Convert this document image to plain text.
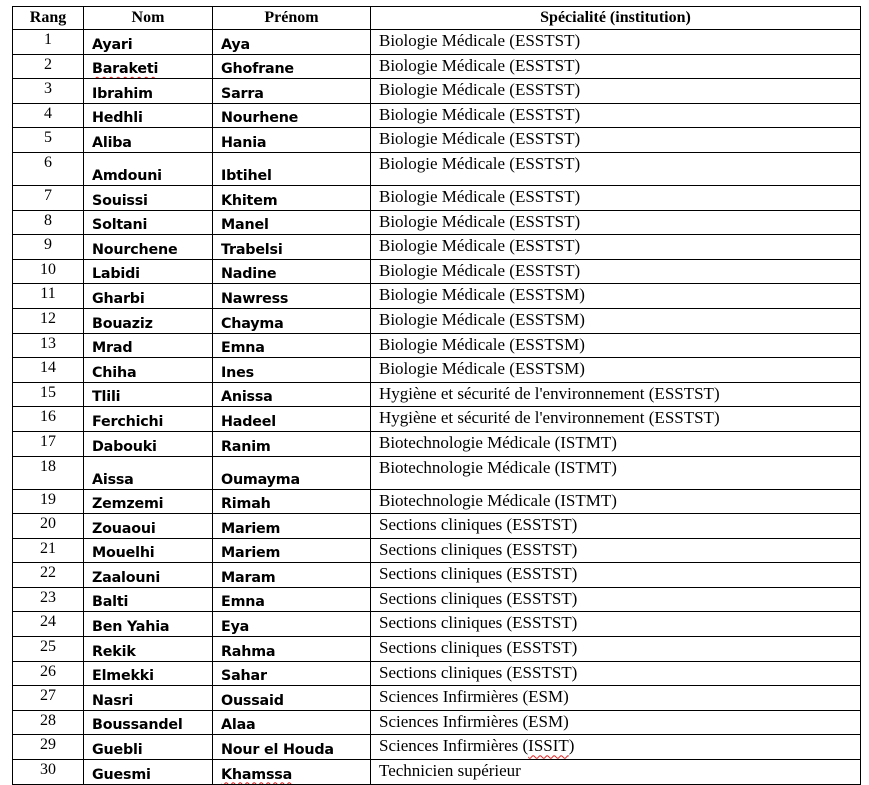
Rang	Nom	Prénom	Spécialité (institution)
1	Ayari	Aya	Biologie Médicale (ESSTST)
2	Baraketi	Ghofrane	Biologie Médicale (ESSTST)
3	Ibrahim	Sarra	Biologie Médicale (ESSTST)
4	Hedhli	Nourhene	Biologie Médicale (ESSTST)
5	Aliba	Hania	Biologie Médicale (ESSTST)
6	Amdouni	Ibtihel	Biologie Médicale (ESSTST)
7	Souissi	Khitem	Biologie Médicale (ESSTST)
8	Soltani	Manel	Biologie Médicale (ESSTST)
9	Nourchene	Trabelsi	Biologie Médicale (ESSTST)
10	Labidi	Nadine	Biologie Médicale (ESSTST)
11	Gharbi	Nawress	Biologie Médicale (ESSTSM)
12	Bouaziz	Chayma	Biologie Médicale (ESSTSM)
13	Mrad	Emna	Biologie Médicale (ESSTSM)
14	Chiha	Ines	Biologie Médicale (ESSTSM)
15	Tlili	Anissa	Hygiène et sécurité de l'environnement (ESSTST)
16	Ferchichi	Hadeel	Hygiène et sécurité de l'environnement (ESSTST)
17	Dabouki	Ranim	Biotechnologie Médicale (ISTMT)
18	Aissa	Oumayma	Biotechnologie Médicale (ISTMT)
19	Zemzemi	Rimah	Biotechnologie Médicale (ISTMT)
20	Zouaoui	Mariem	Sections cliniques (ESSTST)
21	Mouelhi	Mariem	Sections cliniques (ESSTST)
22	Zaalouni	Maram	Sections cliniques (ESSTST)
23	Balti	Emna	Sections cliniques (ESSTST)
24	Ben Yahia	Eya	Sections cliniques (ESSTST)
25	Rekik	Rahma	Sections cliniques (ESSTST)
26	Elmekki	Sahar	Sections cliniques (ESSTST)
27	Nasri	Oussaid	Sciences Infirmières (ESM)
28	Boussandel	Alaa	Sciences Infirmières (ESM)
29	Guebli	Nour el Houda	Sciences Infirmières (ISSIT)
30	Guesmi	Khamssa	Technicien supérieur
